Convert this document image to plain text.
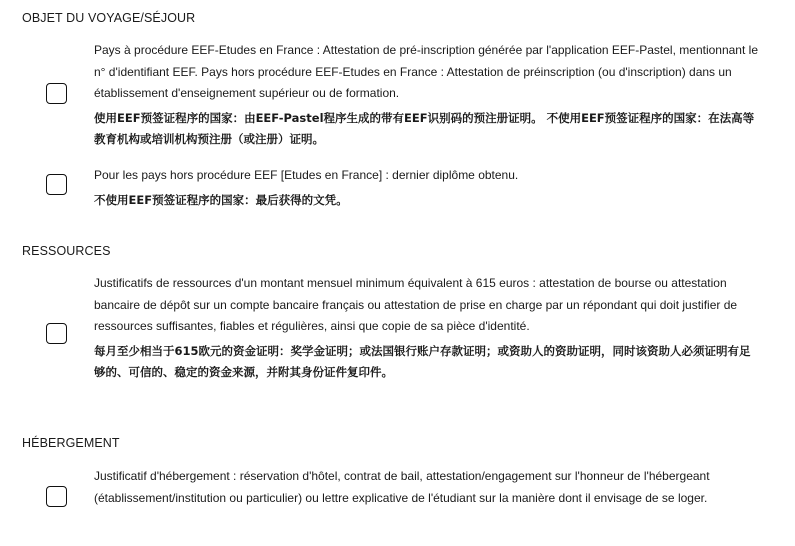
OBJET DU VOYAGE/SÉJOUR

Pays à procédure EEF-Etudes en France : Attestation de pré-inscription générée par l'application EEF-Pastel, mentionnant le n° d'identifiant EEF. Pays hors procédure EEF-Etudes en France : Attestation de préinscription (ou d'inscription) dans un établissement d'enseignement supérieur ou de formation.

使用EEF预签证程序的国家：由EEF-Pastel程序生成的带有EEF识别码的预注册证明。 不使用EEF预签证程序的国家：在法高等教育机构或培训机构预注册（或注册）证明。

Pour les pays hors procédure EEF [Etudes en France] : dernier diplôme obtenu.

不使用EEF预签证程序的国家：最后获得的文凭。

RESSOURCES

Justificatifs de ressources d'un montant mensuel minimum équivalent à 615 euros : attestation de bourse ou attestation bancaire de dépôt sur un compte bancaire français ou attestation de prise en charge par un répondant qui doit justifier de ressources suffisantes, fiables et régulières, ainsi que copie de sa pièce d'identité.

每月至少相当于615欧元的资金证明：奖学金证明；或法国银行账户存款证明；或资助人的资助证明，同时该资助人必须证明有足够的、可信的、稳定的资金来源，并附其身份证件复印件。

HÉBERGEMENT

Justificatif d'hébergement : réservation d'hôtel, contrat de bail, attestation/engagement sur l'honneur de l'hébergeant (établissement/institution ou particulier) ou lettre explicative de l'étudiant sur la manière dont il envisage de se loger.
